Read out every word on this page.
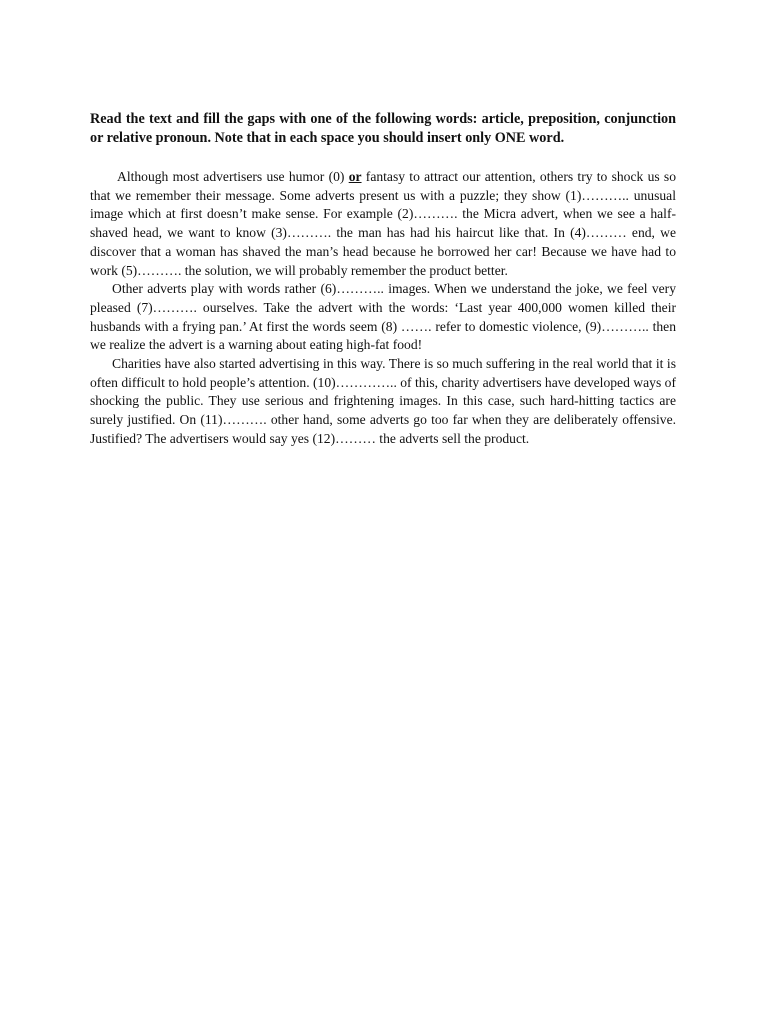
Read the text and fill the gaps with one of the following words: article, preposition, conjunction or relative pronoun. Note that in each space you should insert only ONE word.

Although most advertisers use humor (0) or fantasy to attract our attention, others try to shock us so that we remember their message. Some adverts present us with a puzzle; they show (1)……….. unusual image which at first doesn’t make sense. For example (2)………. the Micra advert, when we see a half-shaved head, we want to know (3)………. the man has had his haircut like that. In (4)……… end, we discover that a woman has shaved the man’s head because he borrowed her car! Because we have had to work (5)………. the solution, we will probably remember the product better.

Other adverts play with words rather (6)……….. images. When we understand the joke, we feel very pleased (7)………. ourselves. Take the advert with the words: ‘Last year 400,000 women killed their husbands with a frying pan.’ At first the words seem (8) ……. refer to domestic violence, (9)……….. then we realize the advert is a warning about eating high-fat food!

Charities have also started advertising in this way. There is so much suffering in the real world that it is often difficult to hold people’s attention. (10)………….. of this, charity advertisers have developed ways of shocking the public. They use serious and frightening images. In this case, such hard-hitting tactics are surely justified. On (11)………. other hand, some adverts go too far when they are deliberately offensive. Justified? The advertisers would say yes (12)……… the adverts sell the product.
